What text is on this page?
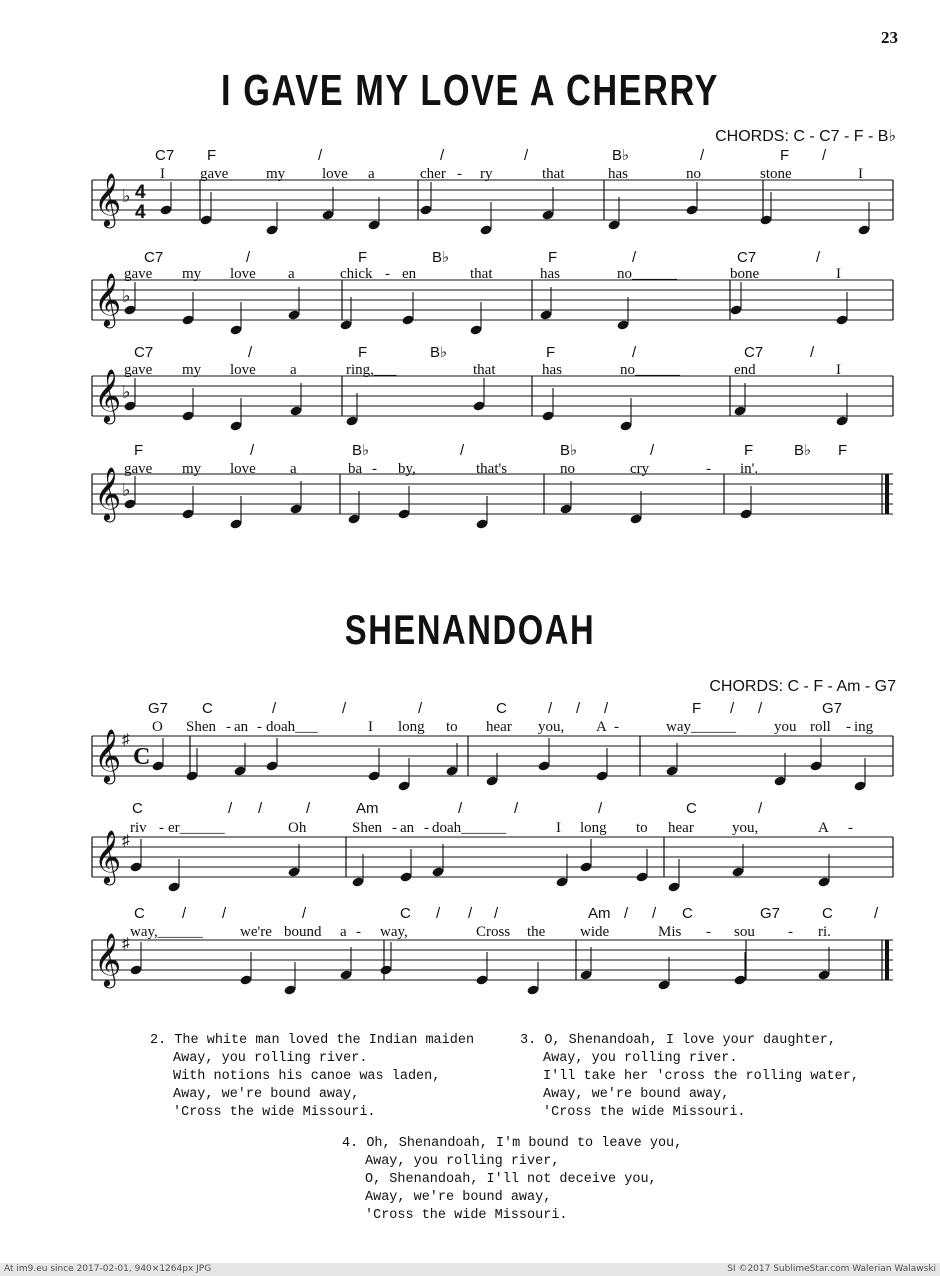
23
I GAVE MY LOVE A CHERRY
CHORDS: C - C7 - F - B♭
SHENANDOAH
CHORDS: C - F - Am - G7
𝄞 ♭ 4
4
C7 F	/	/	/	B♭	/	F /
I gave	my love a	cher - ry	that	has	no	stone	I
𝄞 ♭
C7	/	F	B♭	F	/	C7	/
gave my love a	chick - en	that	has	no______	bone	I
𝄞 ♭
C7	/	F	B♭	F	/	C7	/
gave my love a	ring,___	that	has	no______	end	I
𝄞 ♭
F	/	B♭	/	B♭	/	F	B♭ F
gave my love a	ba - by,	that's	no	cry	- in'.
𝄞 ♯
C
G7 C	/	/	/	C	/ / /	F / /	G7
O Shen - an - doah___	I long to hear you, A -	way______	you roll - ing
𝄞 ♯
C	/ /	/	Am	/	/	/	C	/
riv - er______	Oh	Shen - an - doah______	I long to hear	you,	A -
𝄞 ♯
C / /	/	C / / /	Am / / C	G7	C	/
way,______ we're bound a - way,	Cross the wide	Mis - sou - ri.
2. The white man loved the Indian maiden
Away, you rolling river.
With notions his canoe was laden,
Away, we're bound away,
'Cross the wide Missouri.
3. O, Shenandoah, I love your daughter,
Away, you rolling river.
I'll take her 'cross the rolling water,
Away, we're bound away,
'Cross the wide Missouri.
4. Oh, Shenandoah, I'm bound to leave you,
Away, you rolling river,
O, Shenandoah, I'll not deceive you,
Away, we're bound away,
'Cross the wide Missouri.
At im9.eu since 2017-02-01, 940×1264px JPG	SI ©2017 SublimeStar.com Walerian Walawski
